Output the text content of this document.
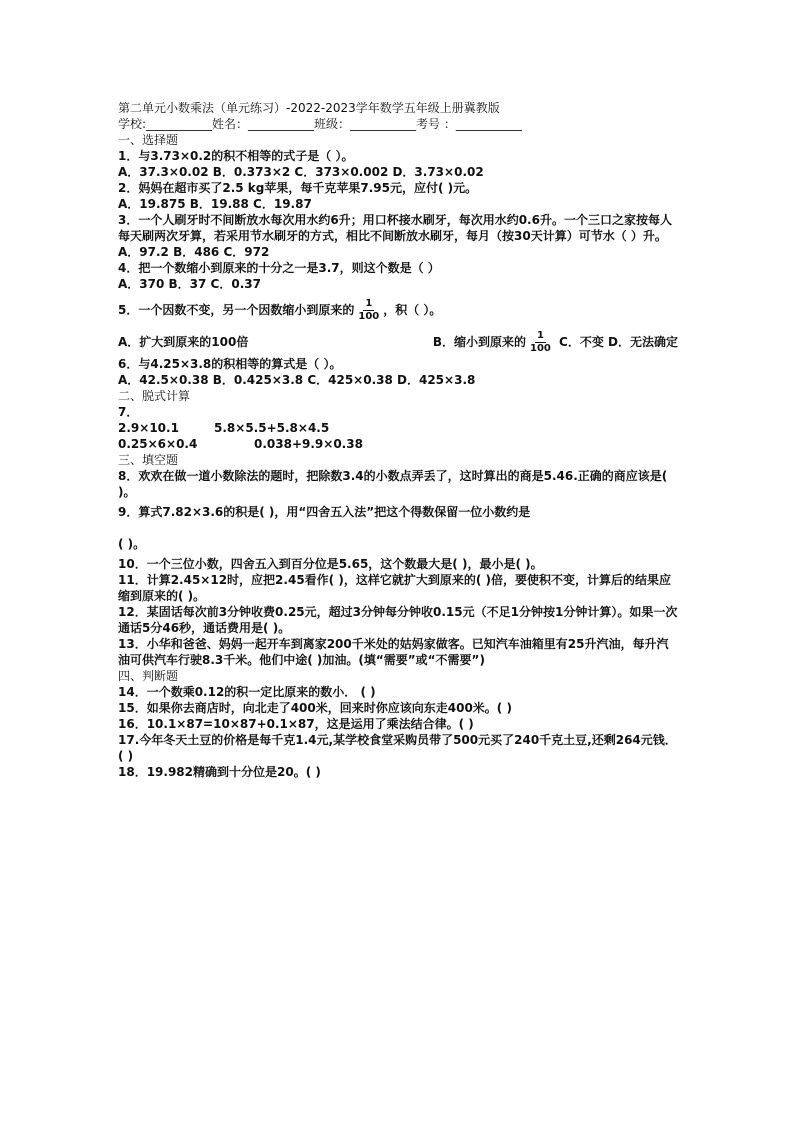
第二单元小数乘法（单元练习）-2022-2023学年数学五年级上册冀教版
学校:___________姓名：___________班级：___________考号 ：___________
一、选择题
1．与3.73×0.2的积不相等的式子是（ ）。
A．37.3×0.02 B．0.373×2 C．373×0.002 D．3.73×0.02
2．妈妈在超市买了2.5 kg苹果，每千克苹果7.95元，应付( )元。
A．19.875 B．19.88 C．19.87
3．一个人刷牙时不间断放水每次用水约6升；用口杯接水刷牙，每次用水约0.6升。一个三口之家按每人每天刷两次牙算，若采用节水刷牙的方式，相比不间断放水刷牙，每月（按30天计算）可节水（ ）升。
A．97.2 B．486 C．972
4．把一个数缩小到原来的十分之一是3.7，则这个数是（ ）
A．370 B．37 C．0.37
5．一个因数不变，另一个因数缩小到原来的 $\frac{1}{100}$ ，积（ ）。
A．扩大到原来的100倍	B．缩小到原来的 $\frac{1}{100}$ C．不变 D．无法确定
6．与4.25×3.8的积相等的算式是（ ）。
A．42.5×0.38 B．0.425×3.8 C．425×0.38 D．425×3.8
二、脱式计算
7．
2.9×10.1	5.8×5.5+5.8×4.5
0.25×6×0.4	0.038+9.9×0.38
三、填空题
8．欢欢在做一道小数除法的题时，把除数3.4的小数点弄丢了，这时算出的商是5.46.正确的商应该是( )。
9．算式7.82×3.6的积是( )，用“四舍五入法”把这个得数保留一位小数约是
( )。
10．一个三位小数，四舍五入到百分位是5.65，这个数最大是( )，最小是( )。
11．计算2.45×12时，应把2.45看作( )，这样它就扩大到原来的( )倍，要使积不变，计算后的结果应缩到原来的( )。
12．某固话每次前3分钟收费0.25元，超过3分钟每分钟收0.15元（不足1分钟按1分钟计算）。如果一次通话5分46秒，通话费用是( )。
13．小华和爸爸、妈妈一起开车到离家200千米处的姑妈家做客。已知汽车油箱里有25升汽油，每升汽油可供汽车行驶8.3千米。他们中途( )加油。(填“需要”或“不需要”)
四、判断题
14．一个数乘0.12的积一定比原来的数小． ( )
15．如果你去商店时，向北走了400米，回来时你应该向东走400米。( )
16．10.1×87=10×87+0.1×87，这是运用了乘法结合律。( )
17.今年冬天土豆的价格是每千克1.4元,某学校食堂采购员带了500元买了240千克土豆,还剩264元钱．( )
18．19.982精确到十分位是20。( )
